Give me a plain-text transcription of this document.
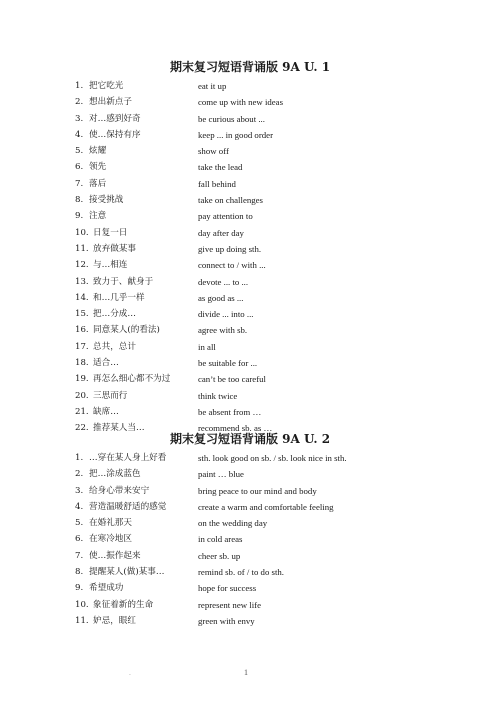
期末复习短语背诵版 9A U. 1
1. 把它吃光	eat it up
2. 想出新点子	come up with new ideas
3. 对…感到好奇	be curious about ...
4. 使…保持有序	keep ... in good order
5. 炫耀	show off
6. 领先	take the lead
7. 落后	fall behind
8. 接受挑战	take on challenges
9. 注意	pay attention to
10. 日复一日	day after day
11. 放弃做某事	give up doing sth.
12. 与…相连	connect to / with ...
13. 致力于、献身于	devote ... to ...
14. 和…几乎一样	as good as ...
15. 把…分成…	divide ... into ...
16. 同意某人(的看法)	agree with sb.
17. 总共，总计	in all
18. 适合…	be suitable for ...
19. 再怎么细心都不为过	can’t be too careful
20. 三思而行	think twice
21. 缺席…	be absent from …
22. 推荐某人当…	recommend sb. as …
期末复习短语背诵版 9A U. 2
1. …穿在某人身上好看	sth. look good on sb. / sb. look nice in sth.
2. 把…涂成蓝色	paint … blue
3. 给身心带来安宁	bring peace to our mind and body
4. 营造温暖舒适的感觉	create a warm and comfortable feeling
5. 在婚礼那天	on the wedding day
6. 在寒冷地区	in cold areas
7. 使…振作起来	cheer sb. up
8. 提醒某人(做)某事…	remind sb. of / to do sth.
9. 希望成功	hope for success
10. 象征着新的生命	represent new life
11. 妒忌，眼红	green with envy
.	1
